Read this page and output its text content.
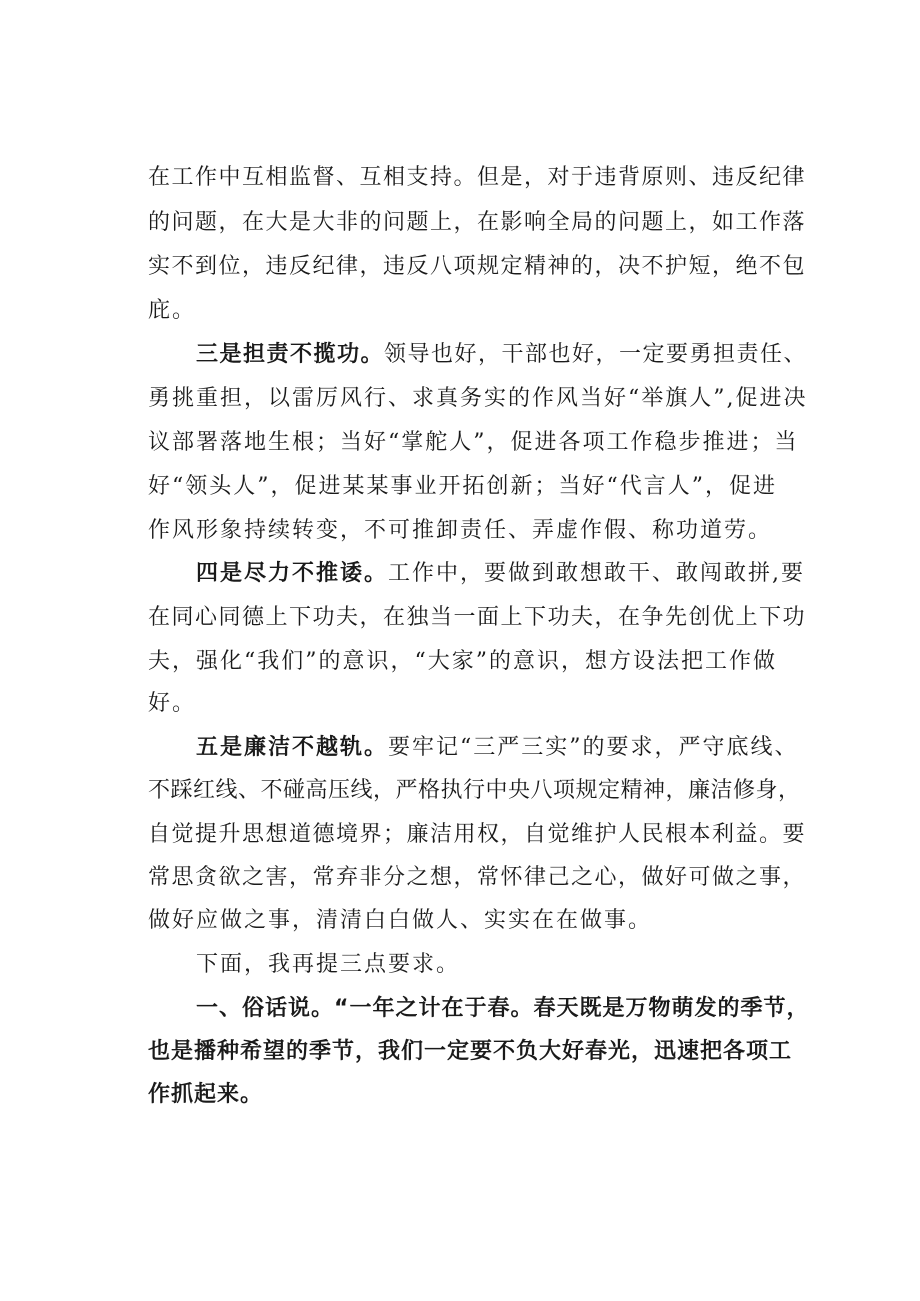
在工作中互相监督、互相支持。但是，对于违背原则、违反纪律
的问题，在大是大非的问题上，在影响全局的问题上，如工作落
实不到位，违反纪律，违反八项规定精神的，决不护短，绝不包
庇。
三是担责不揽功。领导也好，干部也好，一定要勇担责任、
勇挑重担，以雷厉风行、求真务实的作风当好“举旗人”,促进决
议部署落地生根；当好“掌舵人”，促进各项工作稳步推进；当
好“领头人”，促进某某事业开拓创新；当好“代言人”，促进
作风形象持续转变，不可推卸责任、弄虚作假、称功道劳。
四是尽力不推诿。工作中，要做到敢想敢干、敢闯敢拼,要
在同心同德上下功夫，在独当一面上下功夫，在争先创优上下功
夫，强化“我们”的意识，“大家”的意识，想方设法把工作做
好。
五是廉洁不越轨。要牢记“三严三实”的要求，严守底线、
不踩红线、不碰高压线，严格执行中央八项规定精神，廉洁修身，
自觉提升思想道德境界；廉洁用权，自觉维护人民根本利益。要
常思贪欲之害，常弃非分之想，常怀律己之心，做好可做之事，
做好应做之事，清清白白做人、实实在在做事。
下面，我再提三点要求。
一、俗话说。“一年之计在于春。春天既是万物萌发的季节，
也是播种希望的季节，我们一定要不负大好春光，迅速把各项工
作抓起来。
